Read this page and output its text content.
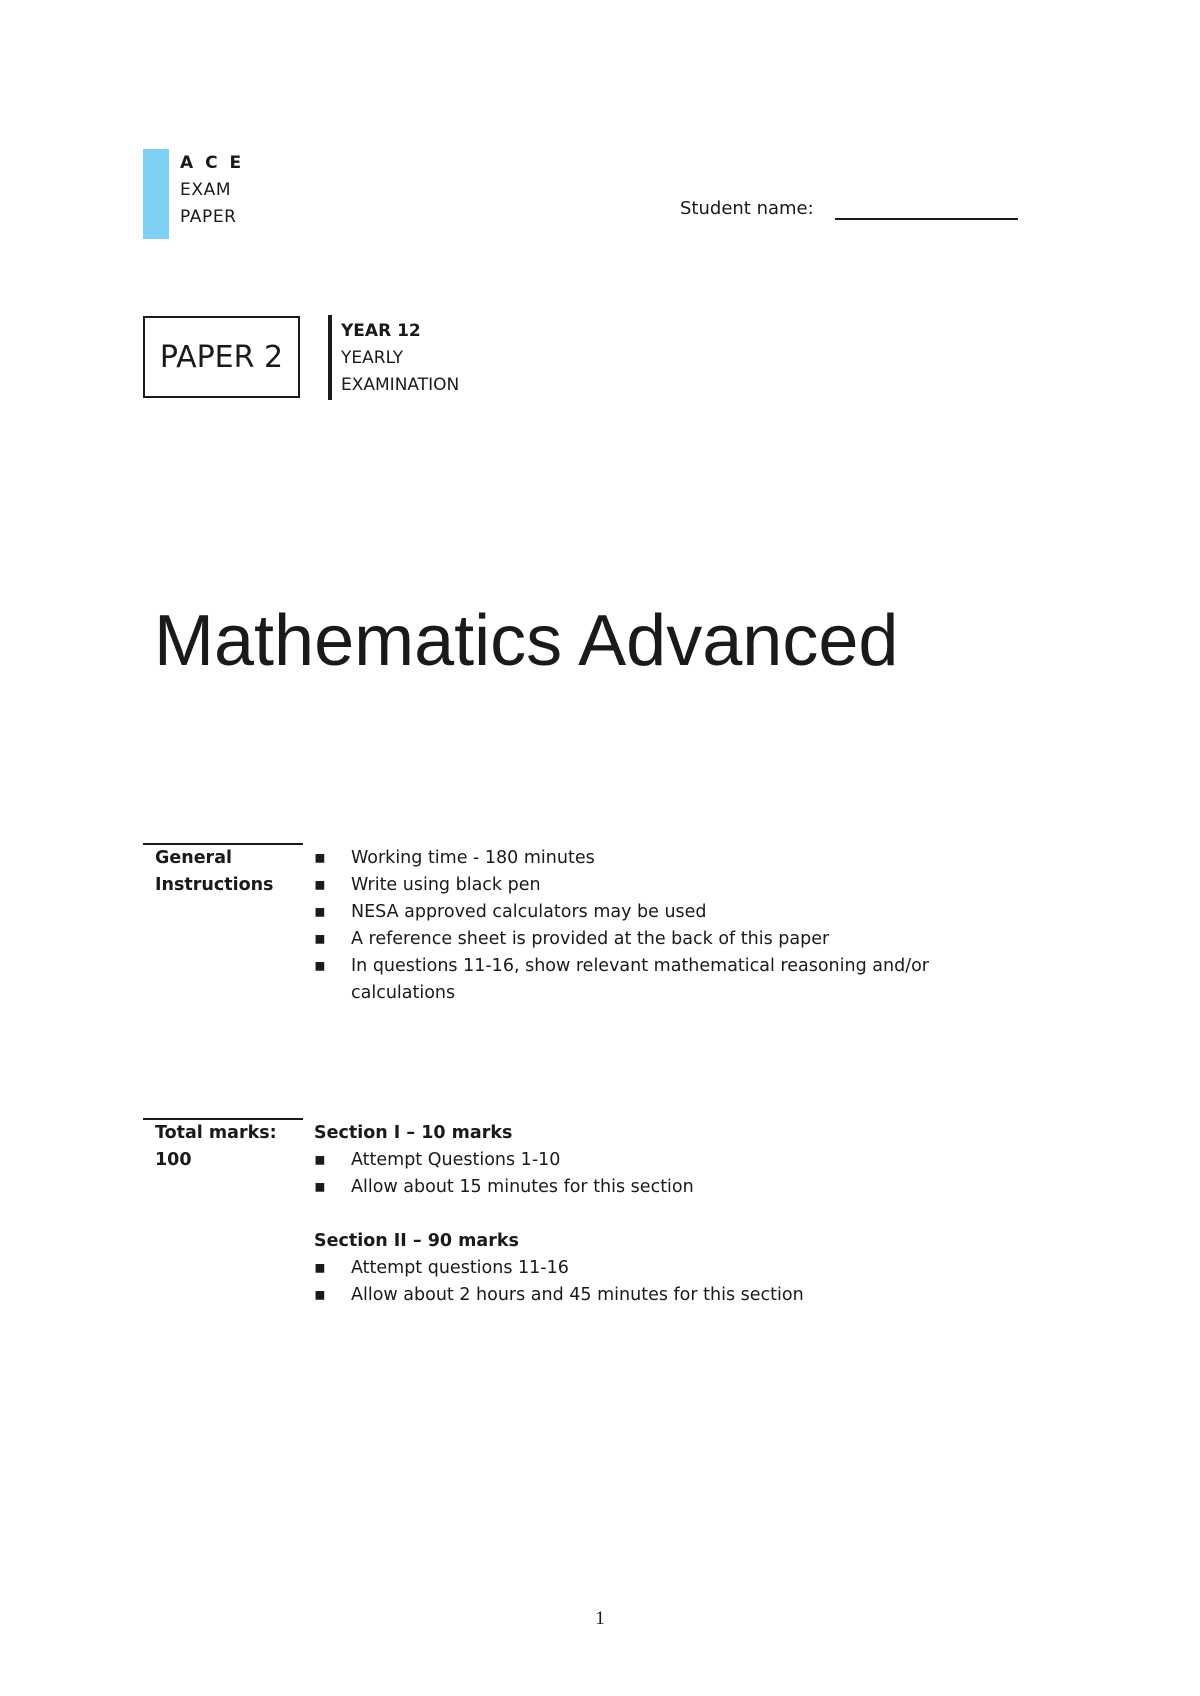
A C E
EXAM
PAPER	Student name:
PAPER 2
YEAR 12
YEARLY
EXAMINATION
Mathematics Advanced
General
Instructions
▪ Working time - 180 minutes
▪ Write using black pen
▪ NESA approved calculators may be used
▪ A reference sheet is provided at the back of this paper
▪ In questions 11-16, show relevant mathematical reasoning and/or calculations
Total marks:
100
Section I – 10 marks
▪ Attempt Questions 1-10
▪ Allow about 15 minutes for this section
Section II – 90 marks
▪ Attempt questions 11-16
▪ Allow about 2 hours and 45 minutes for this section
1
